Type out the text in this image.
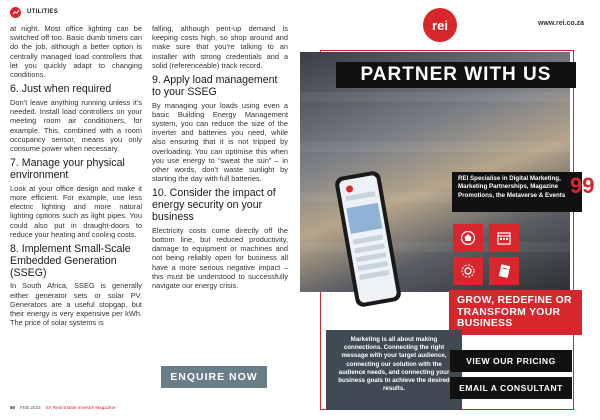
UTILITIES

at night. Most office lighting can be switched off too. Basic dumb timers can do the job, although a better option is centrally managed load controllers that let you quickly adapt to changing conditions.

6. Just when required

Don’t leave anything running unless it’s needed. Install load controllers on your meeting room air conditioners, for example. This, combined with a room occupancy sensor, means you only consume power when necessary.

7. Manage your physical environment

Look at your office design and make it more efficient. For example, use less electric lighting and more natural lighting options such as light pipes. You could also put in draught-doors to reduce your heating and cooling costs.

8. Implement Small-Scale Embedded Generation (SSEG)

In South Africa, SSEG is generally either generator sets or solar PV. Generators are a useful stopgap, but their energy is very expensive per kWh. The price of solar systems is

falling, although pent-up demand is keeping costs high, so shop around and make sure that you’re talking to an installer with strong credentials and a solid (referenceable) track record.

9. Apply load management to your SSEG

By managing your loads using even a basic Building Energy Management system, you can reduce the size of the inverter and batteries you need, while also ensuring that it is not tripped by overloading. You can optimise this when you use energy to “sweat the sun” – in other words, don’t waste sunlight by starting the day with full batteries.

10. Consider the impact of energy security on your business

Electricity costs come directly off the bottom line, but reduced productivity, damage to equipment or machines and not being reliably open for business all have a more serious negative impact – this must be understood to successfully navigate our energy crisis.

ENQUIRE NOW
50 FEB 2023 SA Real Estate Investor Magazine
rei	www.rei.co.za
PARTNER WITH US
REI Specialise in Digital Marketing, Marketing Partnerships, Magazine Promotions, the Metaverse & Events 99
GROW, REDEFINE OR TRANSFORM YOUR BUSINESS
Marketing is all about making connections. Connecting the right message with your target audience, connecting our solution with the audience needs, and connecting your business goals to achieve the desired results.
VIEW OUR PRICING
EMAIL A CONSULTANT
